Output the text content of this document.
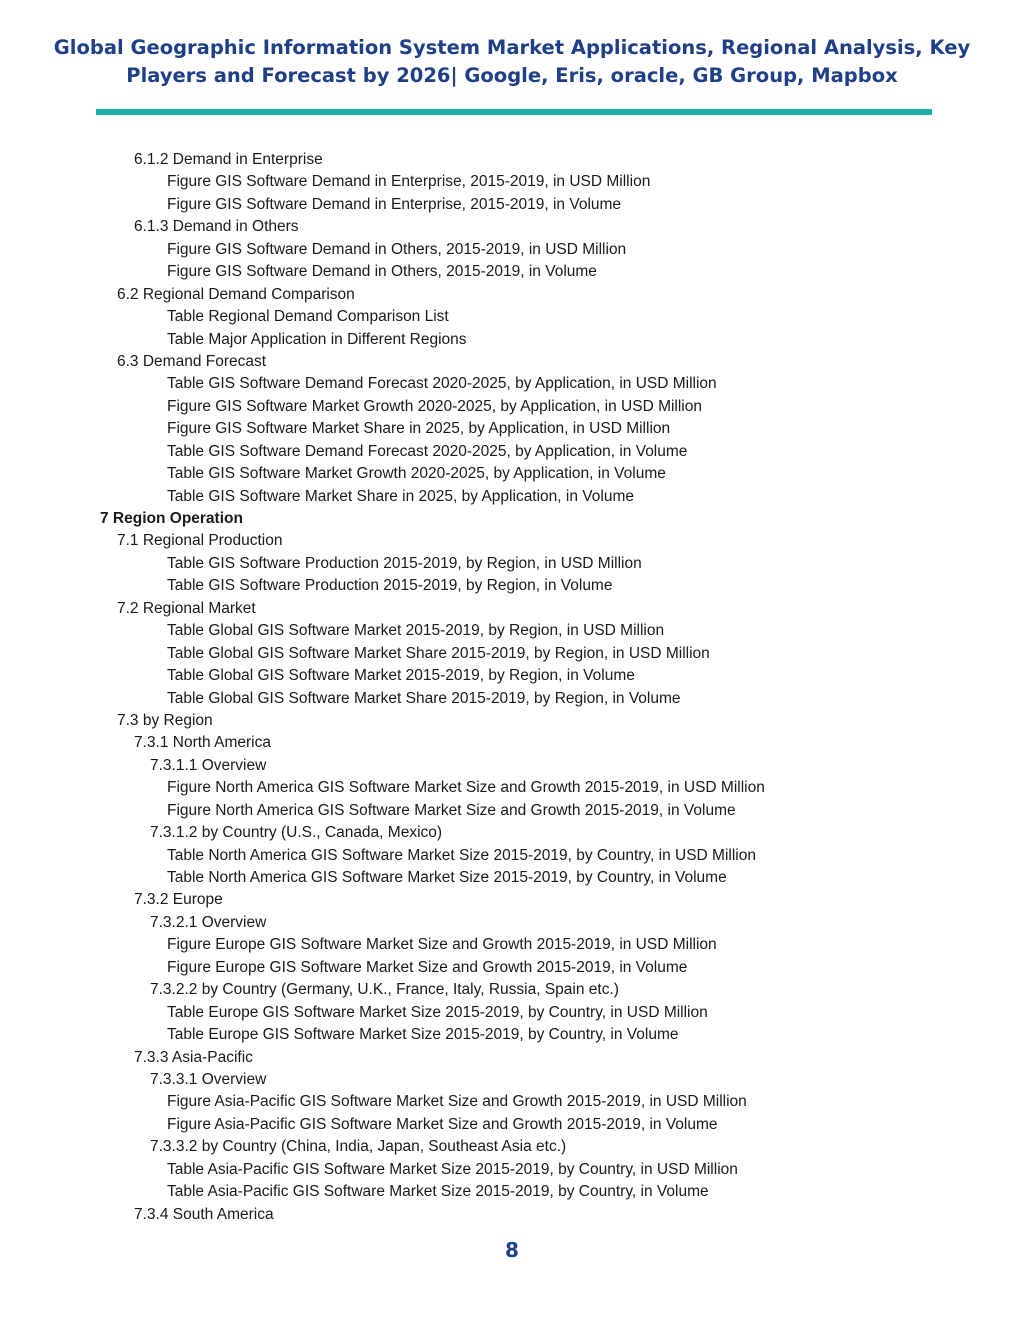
Global Geographic Information System Market Applications, Regional Analysis, Key
Players and Forecast by 2026| Google, Eris, oracle, GB Group, Mapbox
6.1.2 Demand in Enterprise
Figure GIS Software Demand in Enterprise, 2015-2019, in USD Million
Figure GIS Software Demand in Enterprise, 2015-2019, in Volume
6.1.3 Demand in Others
Figure GIS Software Demand in Others, 2015-2019, in USD Million
Figure GIS Software Demand in Others, 2015-2019, in Volume
6.2 Regional Demand Comparison
Table Regional Demand Comparison List
Table Major Application in Different Regions
6.3 Demand Forecast
Table GIS Software Demand Forecast 2020-2025, by Application, in USD Million
Figure GIS Software Market Growth 2020-2025, by Application, in USD Million
Figure GIS Software Market Share in 2025, by Application, in USD Million
Table GIS Software Demand Forecast 2020-2025, by Application, in Volume
Table GIS Software Market Growth 2020-2025, by Application, in Volume
Table GIS Software Market Share in 2025, by Application, in Volume
7 Region Operation
7.1 Regional Production
Table GIS Software Production 2015-2019, by Region, in USD Million
Table GIS Software Production 2015-2019, by Region, in Volume
7.2 Regional Market
Table Global GIS Software Market 2015-2019, by Region, in USD Million
Table Global GIS Software Market Share 2015-2019, by Region, in USD Million
Table Global GIS Software Market 2015-2019, by Region, in Volume
Table Global GIS Software Market Share 2015-2019, by Region, in Volume
7.3 by Region
7.3.1 North America
7.3.1.1 Overview
Figure North America GIS Software Market Size and Growth 2015-2019, in USD Million
Figure North America GIS Software Market Size and Growth 2015-2019, in Volume
7.3.1.2 by Country (U.S., Canada, Mexico)
Table North America GIS Software Market Size 2015-2019, by Country, in USD Million
Table North America GIS Software Market Size 2015-2019, by Country, in Volume
7.3.2 Europe
7.3.2.1 Overview
Figure Europe GIS Software Market Size and Growth 2015-2019, in USD Million
Figure Europe GIS Software Market Size and Growth 2015-2019, in Volume
7.3.2.2 by Country (Germany, U.K., France, Italy, Russia, Spain etc.)
Table Europe GIS Software Market Size 2015-2019, by Country, in USD Million
Table Europe GIS Software Market Size 2015-2019, by Country, in Volume
7.3.3 Asia-Pacific
7.3.3.1 Overview
Figure Asia-Pacific GIS Software Market Size and Growth 2015-2019, in USD Million
Figure Asia-Pacific GIS Software Market Size and Growth 2015-2019, in Volume
7.3.3.2 by Country (China, India, Japan, Southeast Asia etc.)
Table Asia-Pacific GIS Software Market Size 2015-2019, by Country, in USD Million
Table Asia-Pacific GIS Software Market Size 2015-2019, by Country, in Volume
7.3.4 South America
8
